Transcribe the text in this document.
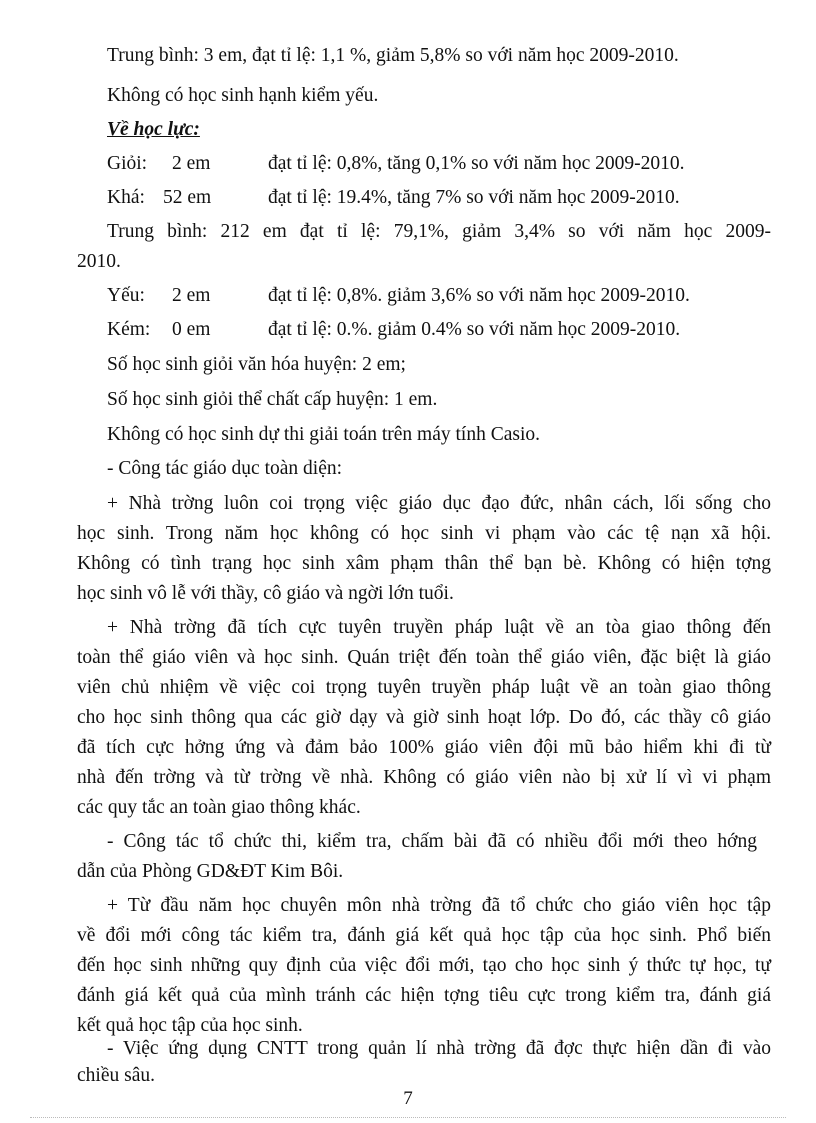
Trung bình: 3 em, đạt tỉ lệ: 1,1 %, giảm 5,8% so với năm học 2009-2010.
Không có học sinh hạnh kiểm yếu.
Về học lực:
Giỏi: 2 em	đạt tỉ lệ: 0,8%, tăng 0,1% so với năm học 2009-2010.
Khá: 52 em	đạt tỉ lệ: 19.4%, tăng 7% so với năm học 2009-2010.
Trung bình: 212 em đạt tỉ lệ: 79,1%, giảm 3,4% so với năm học 2009-
2010.
Yếu: 2 em	đạt tỉ lệ: 0,8%. giảm 3,6% so với năm học 2009-2010.
Kém: 0 em	đạt tỉ lệ: 0.%. giảm 0.4% so với năm học 2009-2010.
Số học sinh giỏi văn hóa huyện: 2 em;
Số học sinh giỏi thể chất cấp huyện: 1 em.
Không có học sinh dự thi giải toán trên máy tính Casio.
- Công tác giáo dục toàn diện:
+ Nhà trờng luôn coi trọng việc giáo dục đạo đức, nhân cách, lối sống cho
học sinh. Trong năm học không có học sinh vi phạm vào các tệ nạn xã hội.
Không có tình trạng học sinh xâm phạm thân thể bạn bè. Không có hiện tợng
học sinh vô lễ với thầy, cô giáo và ngời lớn tuổi.
+ Nhà trờng đã tích cực tuyên truyền pháp luật về an tòa giao thông đến
toàn thể giáo viên và học sinh. Quán triệt đến toàn thể giáo viên, đặc biệt là giáo
viên chủ nhiệm về việc coi trọng tuyên truyền pháp luật về an toàn giao thông
cho học sinh thông qua các giờ dạy và giờ sinh hoạt lớp. Do đó, các thầy cô giáo
đã tích cực hởng ứng và đảm bảo 100% giáo viên đội mũ bảo hiểm khi đi từ
nhà đến trờng và từ trờng về nhà. Không có giáo viên nào bị xử lí vì vi phạm
các quy tắc an toàn giao thông khác.
- Công tác tổ chức thi, kiểm tra, chấm bài đã có nhiều đổi mới theo hớng
dẫn của Phòng GD&ĐT Kim Bôi.
+ Từ đầu năm học chuyên môn nhà trờng đã tổ chức cho giáo viên học tập
về đổi mới công tác kiểm tra, đánh giá kết quả học tập của học sinh. Phổ biến
đến học sinh những quy định của việc đổi mới, tạo cho học sinh ý thức tự học, tự
đánh giá kết quả của mình tránh các hiện tợng tiêu cực trong kiểm tra, đánh giá
kết quả học tập của học sinh.
- Việc ứng dụng CNTT trong quản lí nhà trờng đã đợc thực hiện dần đi vào
chiều sâu.
7
